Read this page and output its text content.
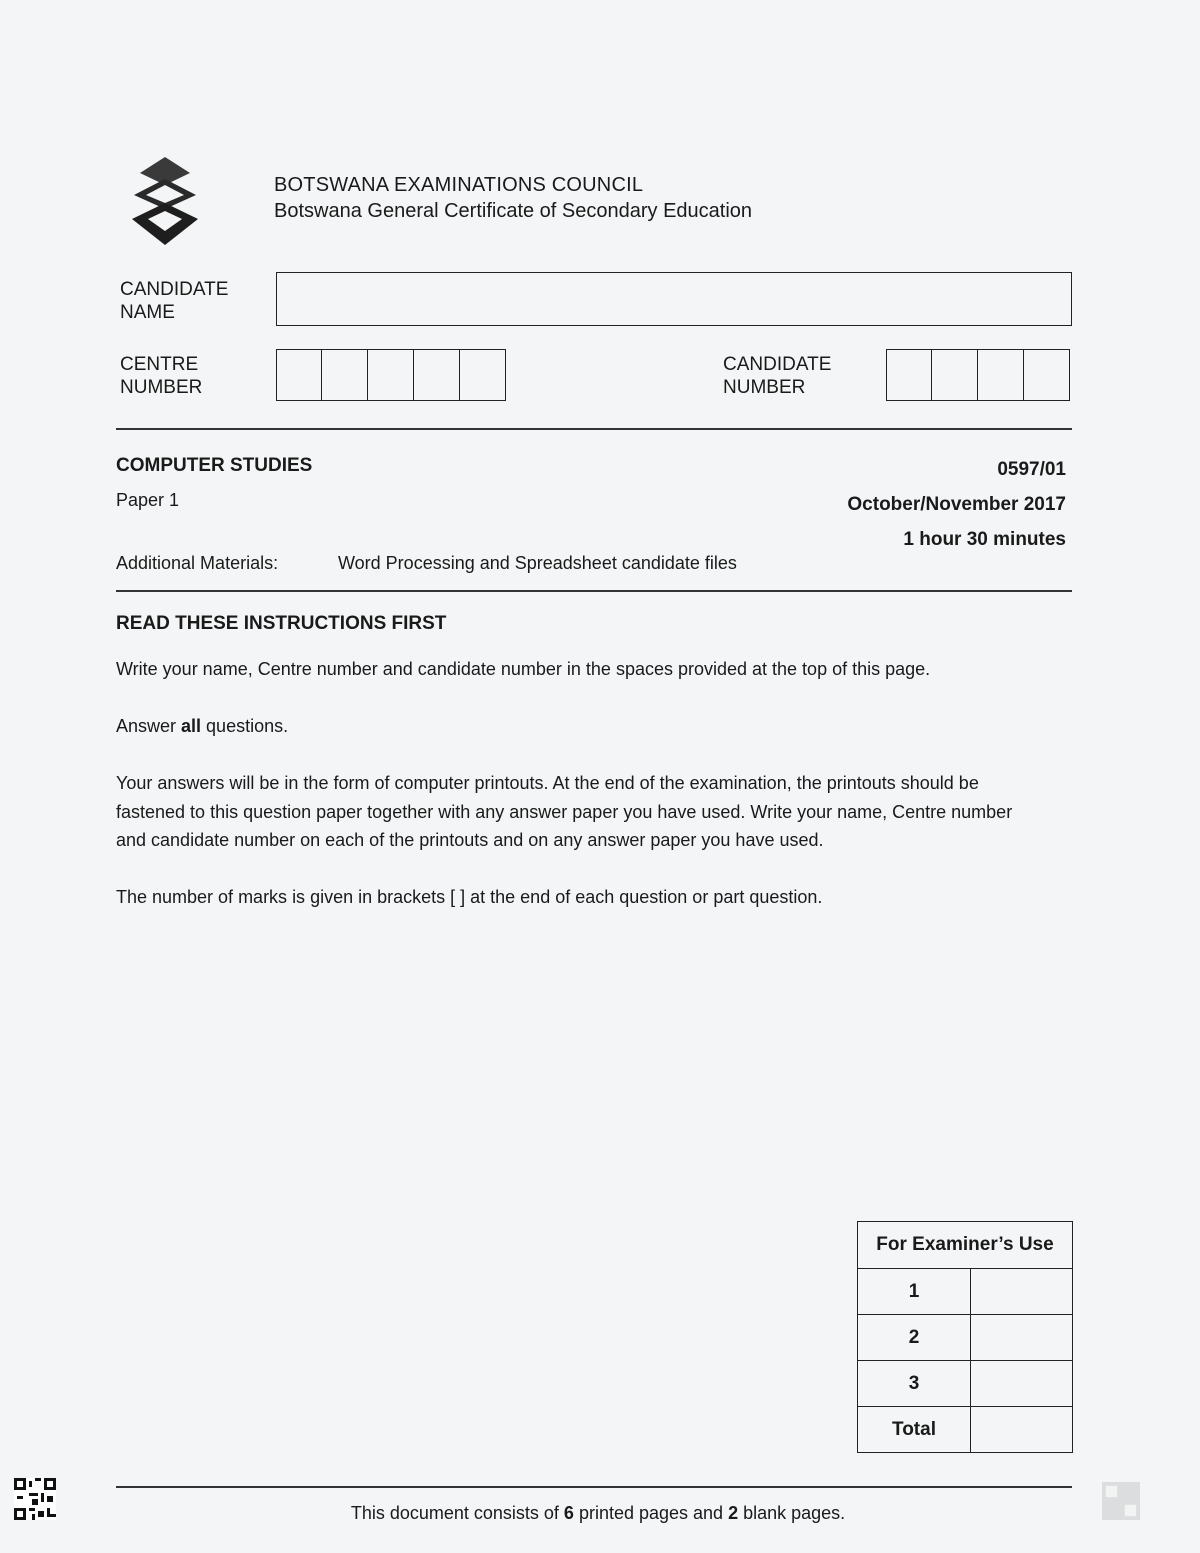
BOTSWANA EXAMINATIONS COUNCIL
Botswana General Certificate of Secondary Education
CANDIDATE
NAME
CENTRE
NUMBER
CANDIDATE
NUMBER
COMPUTER STUDIES	0597/01
Paper 1	October/November 2017
1 hour 30 minutes
Additional Materials:	Word Processing and Spreadsheet candidate files
READ THESE INSTRUCTIONS FIRST
Write your name, Centre number and candidate number in the spaces provided at the top of this page.
Answer all questions.
Your answers will be in the form of computer printouts. At the end of the examination, the printouts should be fastened to this question paper together with any answer paper you have used. Write your name, Centre number and candidate number on each of the printouts and on any answer paper you have used.
The number of marks is given in brackets [ ] at the end of each question or part question.
For Examiner’s Use	
1	
2	
3	
Total	
This document consists of 6 printed pages and 2 blank pages.
